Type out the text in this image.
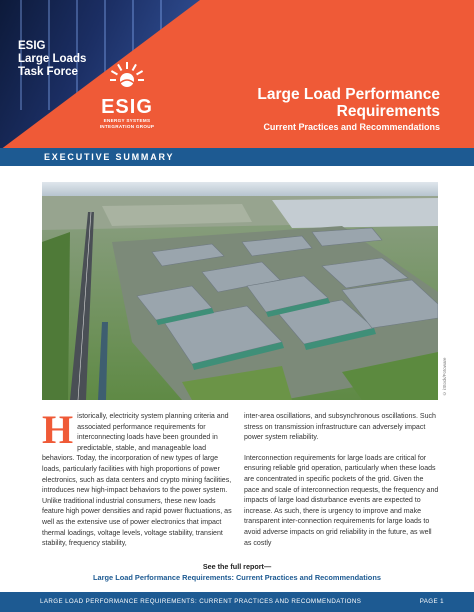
ESIG
Large Loads
Task Force
ESIG
ENERGY SYSTEMS
INTEGRATION GROUP
Large Load Performance
Requirements
Current Practices and Recommendations
EXECUTIVE SUMMARY
© iStock/Fotoware

Historically, electricity system planning criteria and associated performance requirements for interconnecting loads have been grounded in predictable, stable, and manageable load behaviors. Today, the incorporation of new types of large loads, particularly facilities with high proportions of power electronics, such as data centers and crypto mining facilities, introduces new high-impact behaviors to the power system. Unlike traditional industrial consumers, these new loads feature high power densities and rapid power fluctuations, as well as the extensive use of power electronics that impact thermal loadings, voltage levels, voltage stability, transient stability, frequency stability,

inter-area oscillations, and subsynchronous oscillations. Such stress on transmission infrastructure can adversely impact power system reliability.

Interconnection requirements for large loads are critical for ensuring reliable grid operation, particularly when these loads are concentrated in specific pockets of the grid. Given the pace and scale of interconnection requests, the frequency and impacts of large load disturbance events are expected to increase. As such, there is urgency to improve and make transparent inter-connection requirements for large loads to avoid adverse impacts on grid reliability in the future, as well as costly

See the full report—
Large Load Performance Requirements: Current Practices and Recommendations
LARGE LOAD PERFORMANCE REQUIREMENTS: CURRENT PRACTICES AND RECOMMENDATIONS	PAGE 1
